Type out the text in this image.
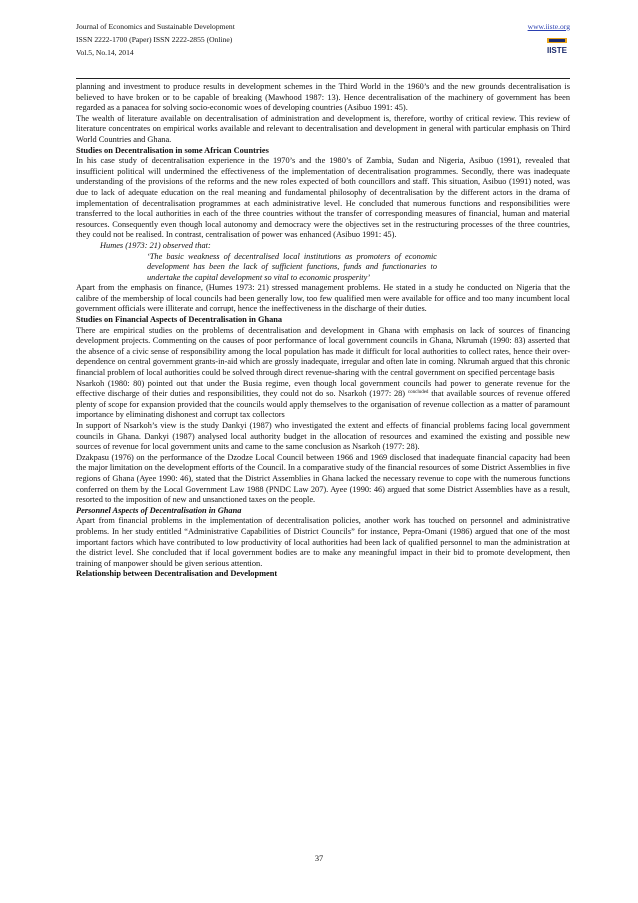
Journal of Economics and Sustainable Development
ISSN 2222-1700 (Paper) ISSN 2222-2855 (Online)
Vol.5, No.14, 2014
www.iiste.org
IISTE

planning and investment to produce results in development schemes in the Third World in the 1960’s and the new grounds decentralisation is believed to have broken or to be capable of breaking (Mawhood 1987: 13). Hence decentralisation of the machinery of government has been regarded as a panacea for solving socio-economic woes of developing countries (Asibuo 1991: 45).

The wealth of literature available on decentralisation of administration and development is, therefore, worthy of critical review. This review of literature concentrates on empirical works available and relevant to decentralisation and development in general with particular emphasis on Third World Countries and Ghana.

Studies on Decentralisation in some African Countries

In his case study of decentralisation experience in the 1970’s and the 1980’s of Zambia, Sudan and Nigeria, Asibuo (1991), revealed that insufficient political will undermined the effectiveness of the implementation of decentralisation programmes. Secondly, there was inadequate understanding of the provisions of the reforms and the new roles expected of both councillors and staff. This situation, Asibuo (1991) noted, was due to lack of adequate education on the real meaning and fundamental philosophy of decentralisation by the different actors in the drama of implementation of decentralisation programmes at each administrative level. He concluded that numerous functions and responsibilities were transferred to the local authorities in each of the three countries without the transfer of corresponding measures of financial, human and material resources. Consequently even though local autonomy and democracy were the objectives set in the restructuring processes of the three countries, they could not be realised. In contrast, centralisation of power was enhanced (Asibuo 1991: 45).

Humes (1973: 21) observed that:

‘The basic weakness of decentralised local institutions as promoters of economic development has been the lack of sufficient functions, funds and functionaries to undertake the capital development so vital to economic prosperity’

Apart from the emphasis on finance, (Humes 1973: 21) stressed management problems. He stated in a study he conducted on Nigeria that the calibre of the membership of local councils had been generally low, too few qualified men were available for office and too many incumbent local government officials were illiterate and corrupt, hence the ineffectiveness in the discharge of their duties.

Studies on Financial Aspects of Decentralisation in Ghana

There are empirical studies on the problems of decentralisation and development in Ghana with emphasis on lack of sources of financing development projects. Commenting on the causes of poor performance of local government councils in Ghana, Nkrumah (1990: 83) asserted that the absence of a civic sense of responsibility among the local population has made it difficult for local authorities to collect rates, hence their over-dependence on central government grants-in-aid which are grossly inadequate, irregular and often late in coming. Nkrumah argued that this chronic financial problem of local authorities could be solved through direct revenue-sharing with the central government on specified percentage basis

Nsarkoh (1980: 80) pointed out that under the Busia regime, even though local government councils had power to generate revenue for the effective discharge of their duties and responsibilities, they could not do so. Nsarkoh (1977: 28) $^{concluded}$ that available sources of revenue offered plenty of scope for expansion provided that the councils would apply themselves to the organisation of revenue collection as a matter of paramount importance by eliminating dishonest and corrupt tax collectors

In support of Nsarkoh’s view is the study Dankyi (1987) who investigated the extent and effects of financial problems facing local government councils in Ghana. Dankyi (1987) analysed local authority budget in the allocation of resources and examined the existing and possible new sources of revenue for local government units and came to the same conclusion as Nsarkoh (1977: 28).

Dzakpasu (1976) on the performance of the Dzodze Local Council between 1966 and 1969 disclosed that inadequate financial capacity had been the major limitation on the development efforts of the Council. In a comparative study of the financial resources of some District Assemblies in five regions of Ghana (Ayee 1990: 46), stated that the District Assemblies in Ghana lacked the necessary revenue to cope with the numerous functions conferred on them by the Local Government Law 1988 (PNDC Law 207). Ayee (1990: 46) argued that some District Assemblies have as a result, resorted to the imposition of new and unsanctioned taxes on the people.

Personnel Aspects of Decentralisation in Ghana

Apart from financial problems in the implementation of decentralisation policies, another work has touched on personnel and administrative problems. In her study entitled “Administrative Capabilities of District Councils” for instance, Pepra-Omani (1986) argued that one of the most important factors which have contributed to low productivity of local authorities had been lack of qualified personnel to man the administration at the district level. She concluded that if local government bodies are to make any meaningful impact in their bid to promote development, then training of manpower should be given serious attention.

Relationship between Decentralisation and Development
37
